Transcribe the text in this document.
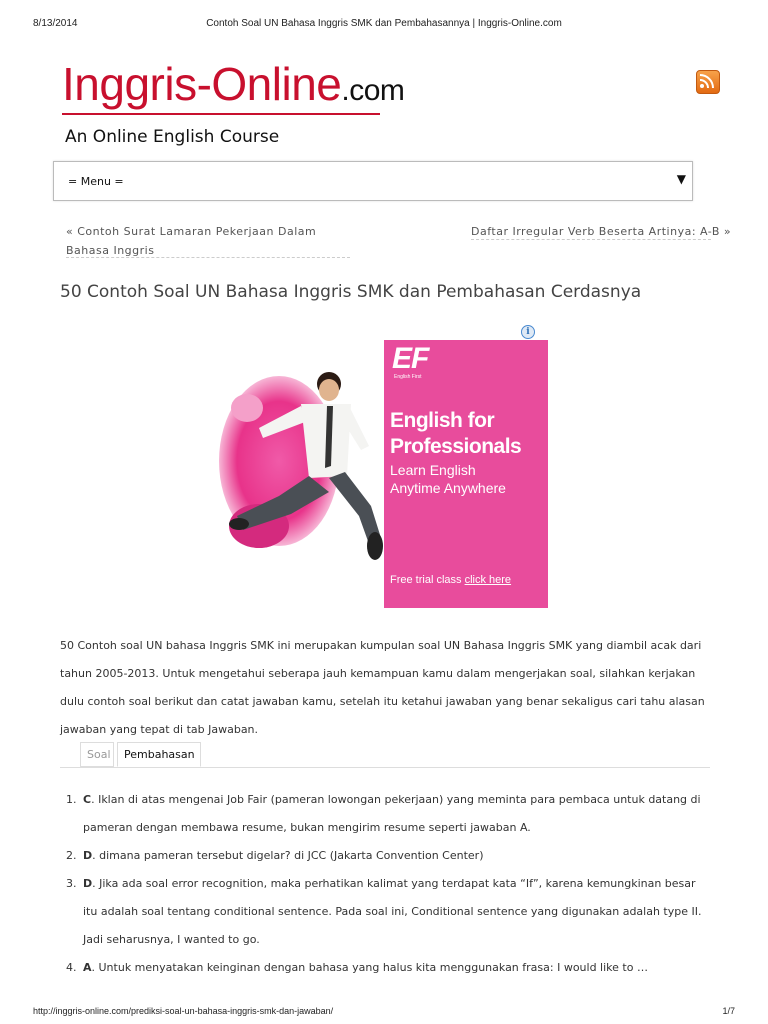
8/13/2014	Contoh Soal UN Bahasa Inggris SMK dan Pembahasannya | Inggris-Online.com
Inggris-Online.com
An Online English Course
= Menu =	▼
« Contoh Surat Lamaran Pekerjaan Dalam Bahasa Inggris
Daftar Irregular Verb Beserta Artinya: A-B »
50 Contoh Soal UN Bahasa Inggris SMK dan Pembahasan Cerdasnya
EF
English First
English for Professionals
Learn English
Anytime Anywhere
Free trial class click here
i

50 Contoh soal UN bahasa Inggris SMK ini merupakan kumpulan soal UN Bahasa Inggris SMK yang diambil acak dari tahun 2005-2013. Untuk mengetahui seberapa jauh kemampuan kamu dalam mengerjakan soal, silahkan kerjakan dulu contoh soal berikut dan catat jawaban kamu, setelah itu ketahui jawaban yang benar sekaligus cari tahu alasan jawaban yang tepat di tab Jawaban.

Soal	Pembahasan
1. C. Iklan di atas mengenai Job Fair (pameran lowongan pekerjaan) yang meminta para pembaca untuk datang di pameran dengan membawa resume, bukan mengirim resume seperti jawaban A.
2. D. dimana pameran tersebut digelar? di JCC (Jakarta Convention Center)
3. D. Jika ada soal error recognition, maka perhatikan kalimat yang terdapat kata “If”, karena kemungkinan besar itu adalah soal tentang conditional sentence. Pada soal ini, Conditional sentence yang digunakan adalah type II. Jadi seharusnya, I wanted to go.
4. A. Untuk menyatakan keinginan dengan bahasa yang halus kita menggunakan frasa: I would like to …
http://inggris-online.com/prediksi-soal-un-bahasa-inggris-smk-dan-jawaban/	1/7
